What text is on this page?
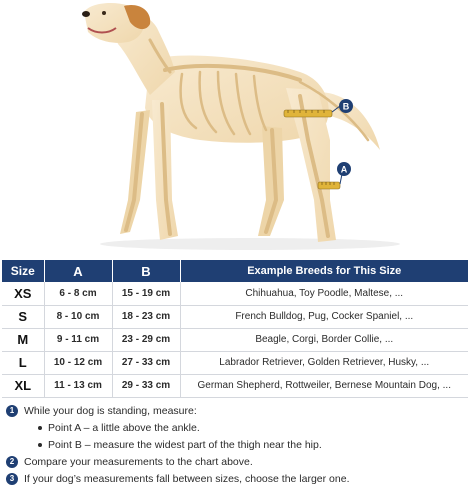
B
A
Size	A	B	Example Breeds for This Size
XS	6 - 8 cm	15 - 19 cm	Chihuahua, Toy Poodle, Maltese, ...
S	8 - 10 cm	18 - 23 cm	French Bulldog, Pug, Cocker Spaniel, ...
M	9 - 11 cm	23 - 29 cm	Beagle, Corgi, Border Collie, ...
L	10 - 12 cm	27 - 33 cm	Labrador Retriever, Golden Retriever, Husky, ...
XL	11 - 13 cm	29 - 33 cm	German Shepherd, Rottweiler, Bernese Mountain Dog, ...
1 While your dog is standing, measure:
Point A – a little above the ankle.
Point B – measure the widest part of the thigh near the hip.
2 Compare your measurements to the chart above.
3 If your dog’s measurements fall between sizes, choose the larger one.
